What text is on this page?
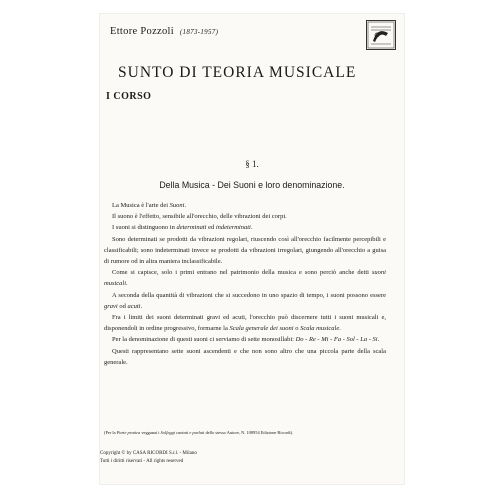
Ettore Pozzoli (1873-1957)
SUNTO DI TEORIA MUSICALE
I CORSO
§ 1.
Della Musica - Dei Suoni e loro denominazione.

La Musica è l'arte dei Suoni.

Il suono è l'effetto, sensibile all'orecchio, delle vibrazioni dei corpi.

I suoni si distinguono in determinati ed indeterminati.

Sono determinati se prodotti da vibrazioni regolari, riuscendo così all'orecchio facilmente percepibili e classificabili; sono indeterminati invece se prodotti da vibrazioni irregolari, giungendo all'orecchio a guisa di rumore od in altra maniera inclassificabile.

Come si capisce, solo i primi entrano nel patrimonio della musica e sono perciò anche detti suoni musicali.

A seconda della quantità di vibrazioni che si succedono in uno spazio di tempo, i suoni possono essere gravi od acuti.

Fra i limiti dei suoni determinati gravi ed acuti, l'orecchio può discernere tutti i suoni musicali e, disponendoli in ordine progressivo, formarne la Scala generale dei suoni o Scala musicale.

Per la denominazione di questi suoni ci serviamo di sette monosillabi: Do - Re - Mi - Fa - Sol - La - Si.

Questi rappresentano sette suoni ascendenti e che non sono altro che una piccola parte della scala generale.

(Per la Parte pratica vegganai i Solfeggi cantati e parlati dello stesso Autore, N. 108954 Edizione Ricordi).
Copyright © by CASA RICORDI S.r.l. - Milano
Tutti i diritti riservati - All rights reserved
